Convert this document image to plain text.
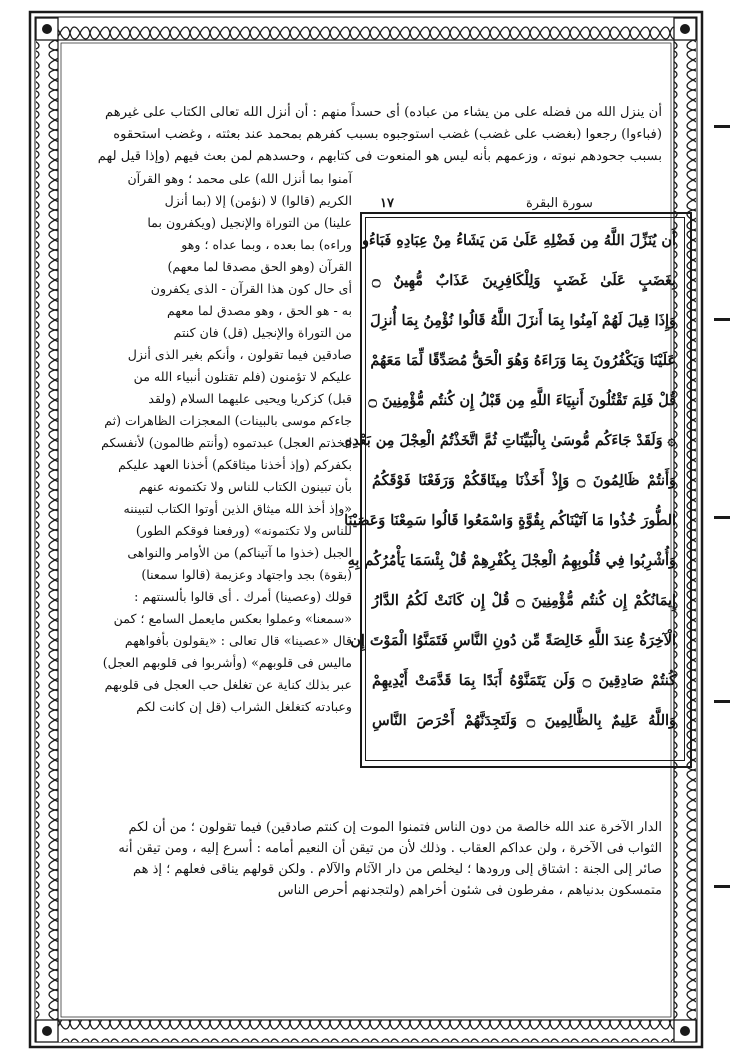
أن ينزل الله من فضله على من يشاء من عباده) أى حسداً منهم : أن أنزل الله تعالى الكتاب على غيرهم
(فباءوا) رجعوا (بغضب على غضب) غضب استوجبوه بسبب كفرهم بمحمد عند بعثته ، وغضب استحقوه
بسبب جحودهم نبوته ، وزعمهم بأنه ليس هو المنعوت فى كتابهم ، وحسدهم لمن بعث فيهم (وإذا قيل لهم
آمنوا بما أنزل الله) على محمد ؛ وهو القرآن
الكريم (قالوا) لا (نؤمن) إلا (بما أنزل
علينا) من التوراة والإنجيل (ويكفرون بما
وراءه) بما بعده ، وبما عداه ؛ وهو
القرآن (وهو الحق مصدقا لما معهم)
أى حال كون هذا القرآن - الذى يكفرون
به - هو الحق ، وهو مصدق لما معهم
من التوراة والإنجيل (قل) فان كنتم
صادقين فيما تقولون ، وأنكم بغير الذى أنزل
عليكم لا تؤمنون (فلم تقتلون أنبياء الله من
قبل) كزكريا ويحيى عليهما السلام (ولقد
جاءكم موسى بالبينات) المعجزات الظاهرات (ثم
اتخذتم العجل) عبدتموه (وأنتم ظالمون) لأنفسكم
بكفركم (وإذ أخذنا ميثاقكم) أخذنا العهد عليكم
بأن تبينون الكتاب للناس ولا تكتمونه عنهم
«وإذ أخذ الله ميثاق الذين أوتوا الكتاب لتبيننه
للناس ولا تكتمونه» (ورفعنا فوقكم الطور)
الجبل (خذوا ما آتيناكم) من الأوامر والنواهى
(بقوة) بجد واجتهاد وعزيمة (قالوا سمعنا)
قولك (وعصينا) أمرك . أى قالوا بألسنتهم :
«سمعنا» وعملوا بعكس مايعمل السامع ؛ كمن
قال «عصينا» قال تعالى : «يقولون بأفواههم
ماليس فى قلوبهم» (وأشربوا فى قلوبهم العجل)
عبر بذلك كناية عن تغلغل حب العجل فى قلوبهم
وعبادته كتغلغل الشراب (قل إن كانت لكم
سورة البقرة
١٧
أَن يُنَزِّلَ اللَّهُ مِن فَضْلِهِ عَلَىٰ مَن يَشَاءُ مِنْ عِبَادِهِ فَبَاءُو
بِغَضَبٍ عَلَىٰ غَضَبٍ وَلِلْكَافِرِينَ عَذَابٌ مُّهِينٌ ۝
وَإِذَا قِيلَ لَهُمْ آمِنُوا بِمَا أَنزَلَ اللَّهُ قَالُوا نُؤْمِنُ بِمَا أُنزِلَ
عَلَيْنَا وَيَكْفُرُونَ بِمَا وَرَاءَهُ وَهُوَ الْحَقُّ مُصَدِّقًا لِّمَا مَعَهُمْ
قُلْ فَلِمَ تَقْتُلُونَ أَنبِيَاءَ اللَّهِ مِن قَبْلُ إِن كُنتُم مُّؤْمِنِينَ ۝
۞ وَلَقَدْ جَاءَكُم مُّوسَىٰ بِالْبَيِّنَاتِ ثُمَّ اتَّخَذْتُمُ الْعِجْلَ مِن بَعْدِهِ
وَأَنتُمْ ظَالِمُونَ ۝ وَإِذْ أَخَذْنَا مِيثَاقَكُمْ وَرَفَعْنَا فَوْقَكُمُ
الطُّورَ خُذُوا مَا آتَيْنَاكُم بِقُوَّةٍ وَاسْمَعُوا قَالُوا سَمِعْنَا وَعَصَيْنَا
وَأُشْرِبُوا فِي قُلُوبِهِمُ الْعِجْلَ بِكُفْرِهِمْ قُلْ بِئْسَمَا يَأْمُرُكُم بِهِ
إِيمَانُكُمْ إِن كُنتُم مُّؤْمِنِينَ ۝ قُلْ إِن كَانَتْ لَكُمُ الدَّارُ
الْآخِرَةُ عِندَ اللَّهِ خَالِصَةً مِّن دُونِ النَّاسِ فَتَمَنَّوُا الْمَوْتَ إِن
كُنتُمْ صَادِقِينَ ۝ وَلَن يَتَمَنَّوْهُ أَبَدًا بِمَا قَدَّمَتْ أَيْدِيهِمْ
وَاللَّهُ عَلِيمٌ بِالظَّالِمِينَ ۝ وَلَتَجِدَنَّهُمْ أَحْرَصَ النَّاسِ
الدار الآخرة عند الله خالصة من دون الناس فتمنوا الموت إن كنتم صادقين) فيما تقولون ؛ من أن لكم
الثواب فى الآخرة ، ولن عداكم العقاب . وذلك لأن من تيقن أن النعيم أمامه : أسرع إليه ، ومن تيقن أنه
صائر إلى الجنة : اشتاق إلى ورودها ؛ ليخلص من دار الآثام والآلام . ولكن قولهم يناقى فعلهم ؛ إذ هم
متمسكون بدنياهم ، مفرطون فى شئون أخراهم (ولتجدنهم أحرص الناس
